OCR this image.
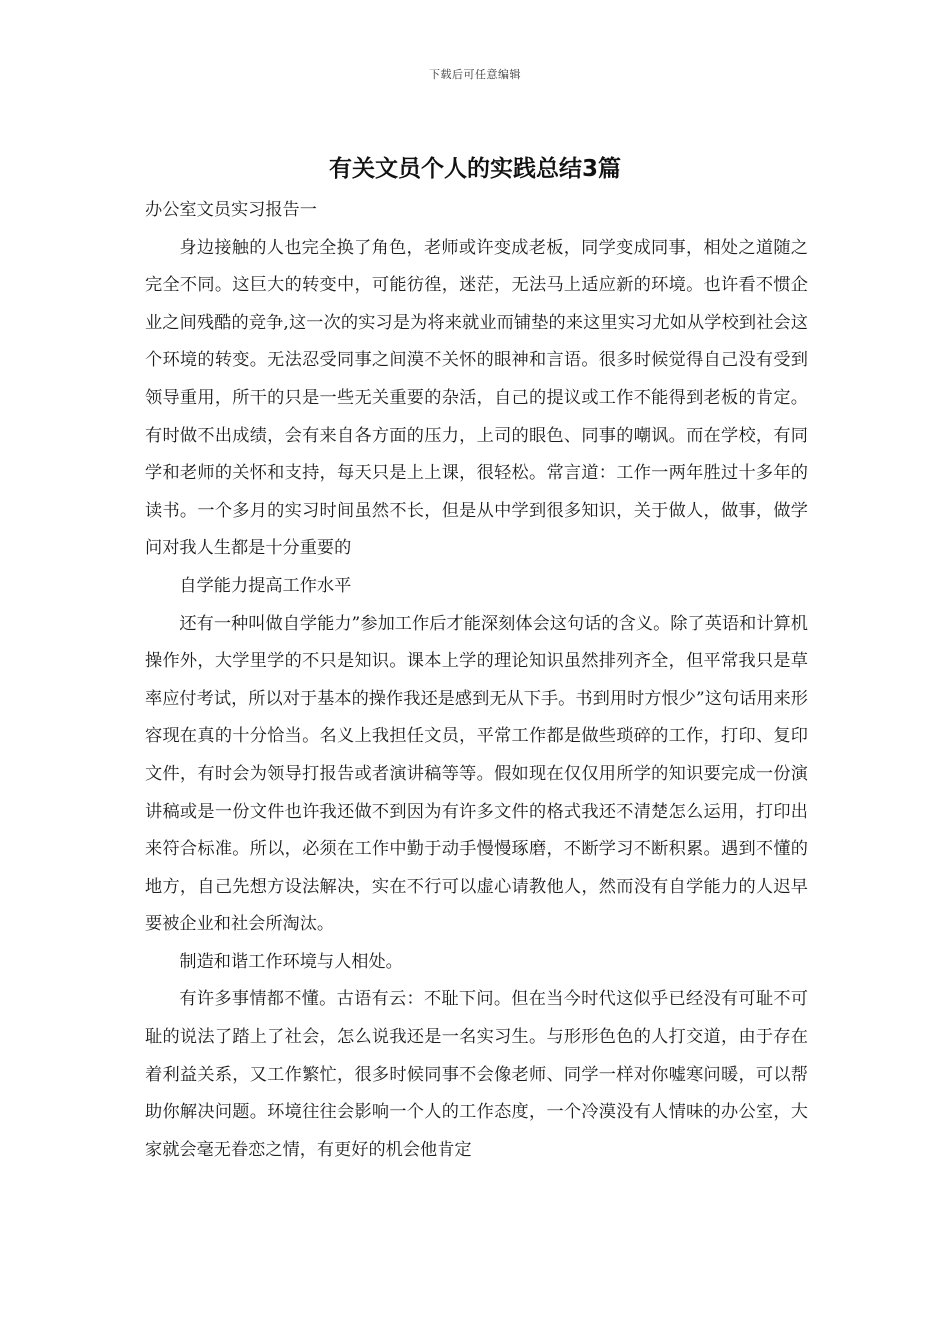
下载后可任意编辑
有关文员个人的实践总结3篇

办公室文员实习报告一

身边接触的人也完全换了角色，老师或许变成老板，同学变成同事，相处之道随之完全不同。这巨大的转变中，可能彷徨，迷茫，无法马上适应新的环境。也许看不惯企业之间残酷的竞争,这一次的实习是为将来就业而铺垫的来这里实习尤如从学校到社会这个环境的转变。无法忍受同事之间漠不关怀的眼神和言语。很多时候觉得自己没有受到领导重用，所干的只是一些无关重要的杂活，自己的提议或工作不能得到老板的肯定。有时做不出成绩，会有来自各方面的压力，上司的眼色、同事的嘲讽。而在学校，有同学和老师的关怀和支持，每天只是上上课，很轻松。常言道：工作一两年胜过十多年的读书。一个多月的实习时间虽然不长，但是从中学到很多知识，关于做人，做事，做学问对我人生都是十分重要的

自学能力提高工作水平

还有一种叫做自学能力”参加工作后才能深刻体会这句话的含义。除了英语和计算机操作外，大学里学的不只是知识。课本上学的理论知识虽然排列齐全，但平常我只是草率应付考试，所以对于基本的操作我还是感到无从下手。书到用时方恨少”这句话用来形容现在真的十分恰当。名义上我担任文员，平常工作都是做些琐碎的工作，打印、复印文件，有时会为领导打报告或者演讲稿等等。假如现在仅仅用所学的知识要完成一份演讲稿或是一份文件也许我还做不到因为有许多文件的格式我还不清楚怎么运用，打印出来符合标准。所以，必须在工作中勤于动手慢慢琢磨，不断学习不断积累。遇到不懂的地方，自己先想方设法解决，实在不行可以虚心请教他人，然而没有自学能力的人迟早要被企业和社会所淘汰。

制造和谐工作环境与人相处。

有许多事情都不懂。古语有云：不耻下问。但在当今时代这似乎已经没有可耻不可耻的说法了踏上了社会，怎么说我还是一名实习生。与形形色色的人打交道，由于存在着利益关系，又工作繁忙，很多时候同事不会像老师、同学一样对你嘘寒问暖，可以帮助你解决问题。环境往往会影响一个人的工作态度，一个冷漠没有人情味的办公室，大家就会毫无眷恋之情，有更好的机会他肯定
